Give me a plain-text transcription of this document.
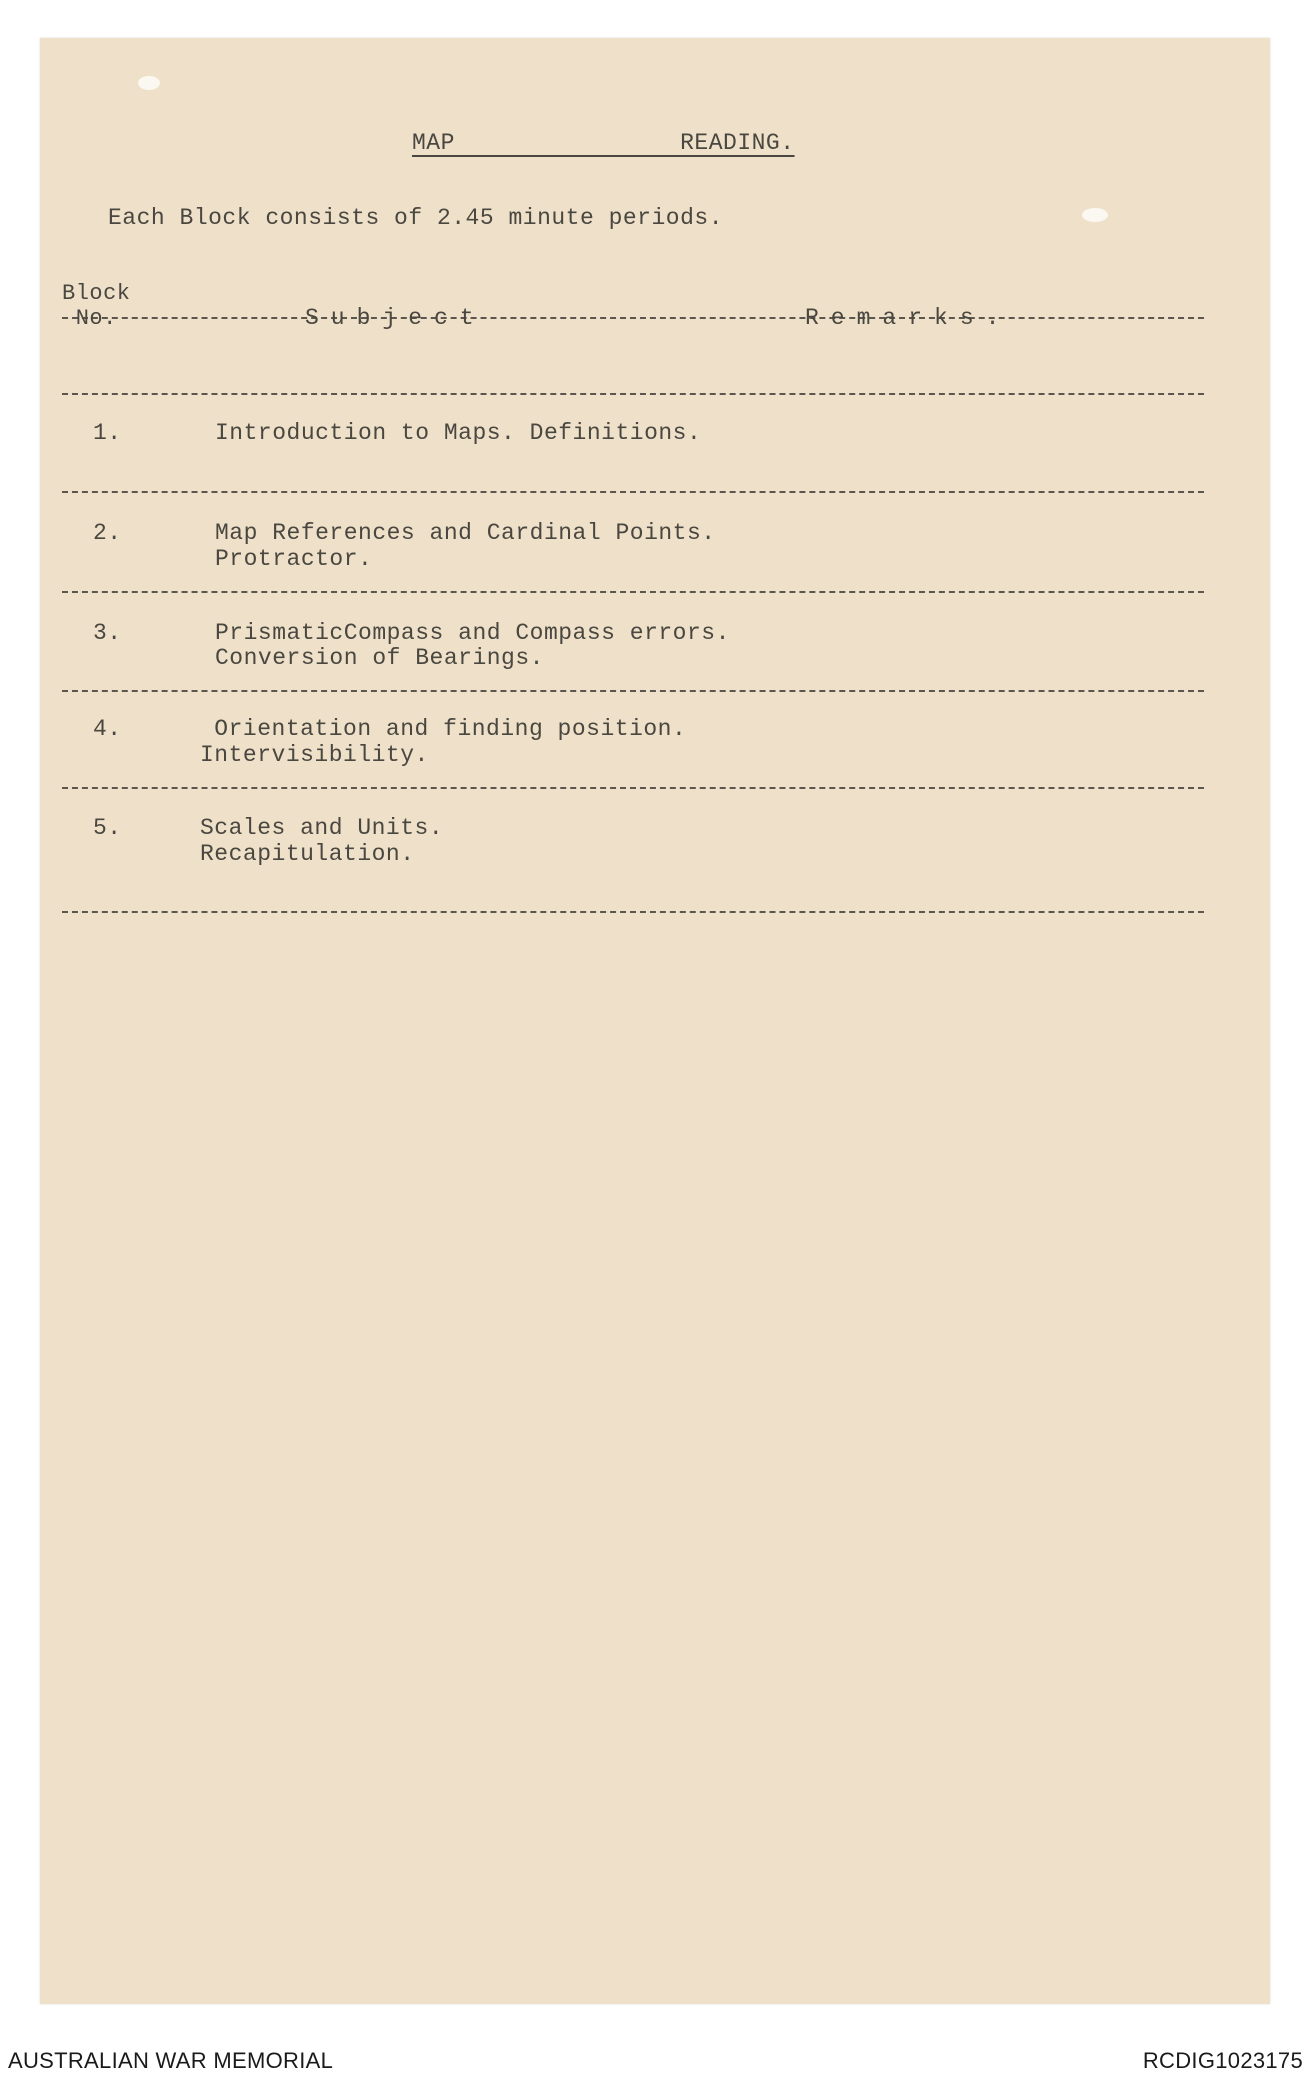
MAP    READING.
Each Block consists of 2.45 minute periods.
Block
No.	Subject	Remarks.
1.	Introduction to Maps. Definitions.
2.	Map References and Cardinal Points.
Protractor.
3.	PrismaticCompass and Compass errors.
Conversion of Bearings.
4.	Orientation and finding position.
Intervisibility.
5.	Scales and Units.
Recapitulation.
AUSTRALIAN WAR MEMORIAL	RCDIG1023175
